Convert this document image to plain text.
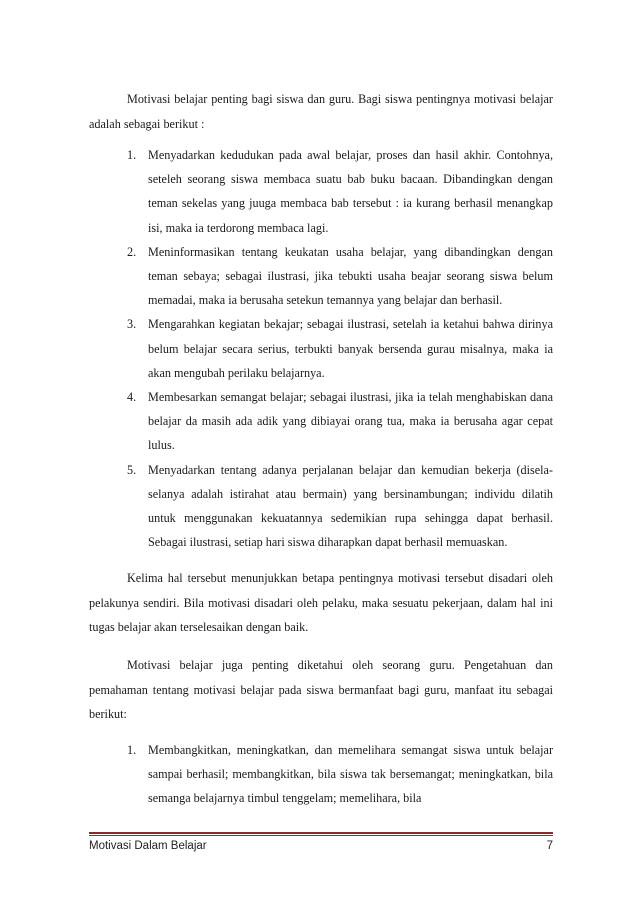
Motivasi belajar penting bagi siswa dan guru. Bagi siswa pentingnya motivasi belajar adalah sebagai berikut :

1. Menyadarkan kedudukan pada awal belajar, proses dan hasil akhir. Contohnya, seteleh seorang siswa membaca suatu bab buku bacaan. Dibandingkan dengan teman sekelas yang juuga membaca bab tersebut : ia kurang berhasil menangkap isi, maka ia terdorong membaca lagi.
2. Meninformasikan tentang keukatan usaha belajar, yang dibandingkan dengan teman sebaya; sebagai ilustrasi, jika tebukti usaha beajar seorang siswa belum memadai, maka ia berusaha setekun temannya yang belajar dan berhasil.
3. Mengarahkan kegiatan bekajar; sebagai ilustrasi, setelah ia ketahui bahwa dirinya belum belajar secara serius, terbukti banyak bersenda gurau misalnya, maka ia akan mengubah perilaku belajarnya.
4. Membesarkan semangat belajar; sebagai ilustrasi, jika ia telah menghabiskan dana belajar da masih ada adik yang dibiayai orang tua, maka ia berusaha agar cepat lulus.
5. Menyadarkan tentang adanya perjalanan belajar dan kemudian bekerja (disela-selanya adalah istirahat atau bermain) yang bersinambungan; individu dilatih untuk menggunakan kekuatannya sedemikian rupa sehingga dapat berhasil. Sebagai ilustrasi, setiap hari siswa diharapkan dapat berhasil memuaskan.

Kelima hal tersebut menunjukkan betapa pentingnya motivasi tersebut disadari oleh pelakunya sendiri. Bila motivasi disadari oleh pelaku, maka sesuatu pekerjaan, dalam hal ini tugas belajar akan terselesaikan dengan baik.

Motivasi belajar juga penting diketahui oleh seorang guru. Pengetahuan dan pemahaman tentang motivasi belajar pada siswa bermanfaat bagi guru, manfaat itu sebagai berikut:

1. Membangkitkan, meningkatkan, dan memelihara semangat siswa untuk belajar sampai berhasil; membangkitkan, bila siswa tak bersemangat; meningkatkan, bila semanga belajarnya timbul tenggelam; memelihara, bila
Motivasi Dalam Belajar	7
